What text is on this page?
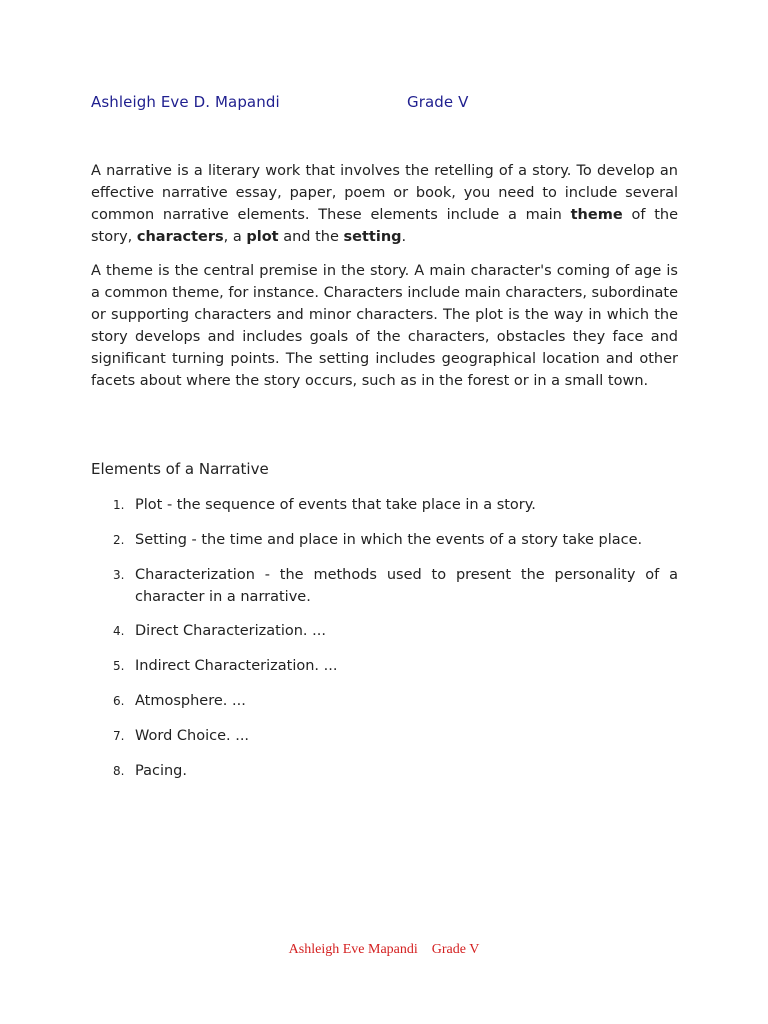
Ashleigh Eve D. Mapandi	Grade V

A narrative is a literary work that involves the retelling of a story. To develop an effective narrative essay, paper, poem or book, you need to include several common narrative elements. These elements include a main theme of the story, characters, a plot and the setting.

A theme is the central premise in the story. A main character's coming of age is a common theme, for instance. Characters include main characters, subordinate or supporting characters and minor characters. The plot is the way in which the story develops and includes goals of the characters, obstacles they face and significant turning points. The setting includes geographical location and other facets about where the story occurs, such as in the forest or in a small town.

Elements of a Narrative
1. Plot - the sequence of events that take place in a story.
2. Setting - the time and place in which the events of a story take place.
3. Characterization - the methods used to present the personality of a character in a narrative.
4. Direct Characterization. ...
5. Indirect Characterization. ...
6. Atmosphere. ...
7. Word Choice. ...
8. Pacing.
Ashleigh Eve Mapandi Grade V
